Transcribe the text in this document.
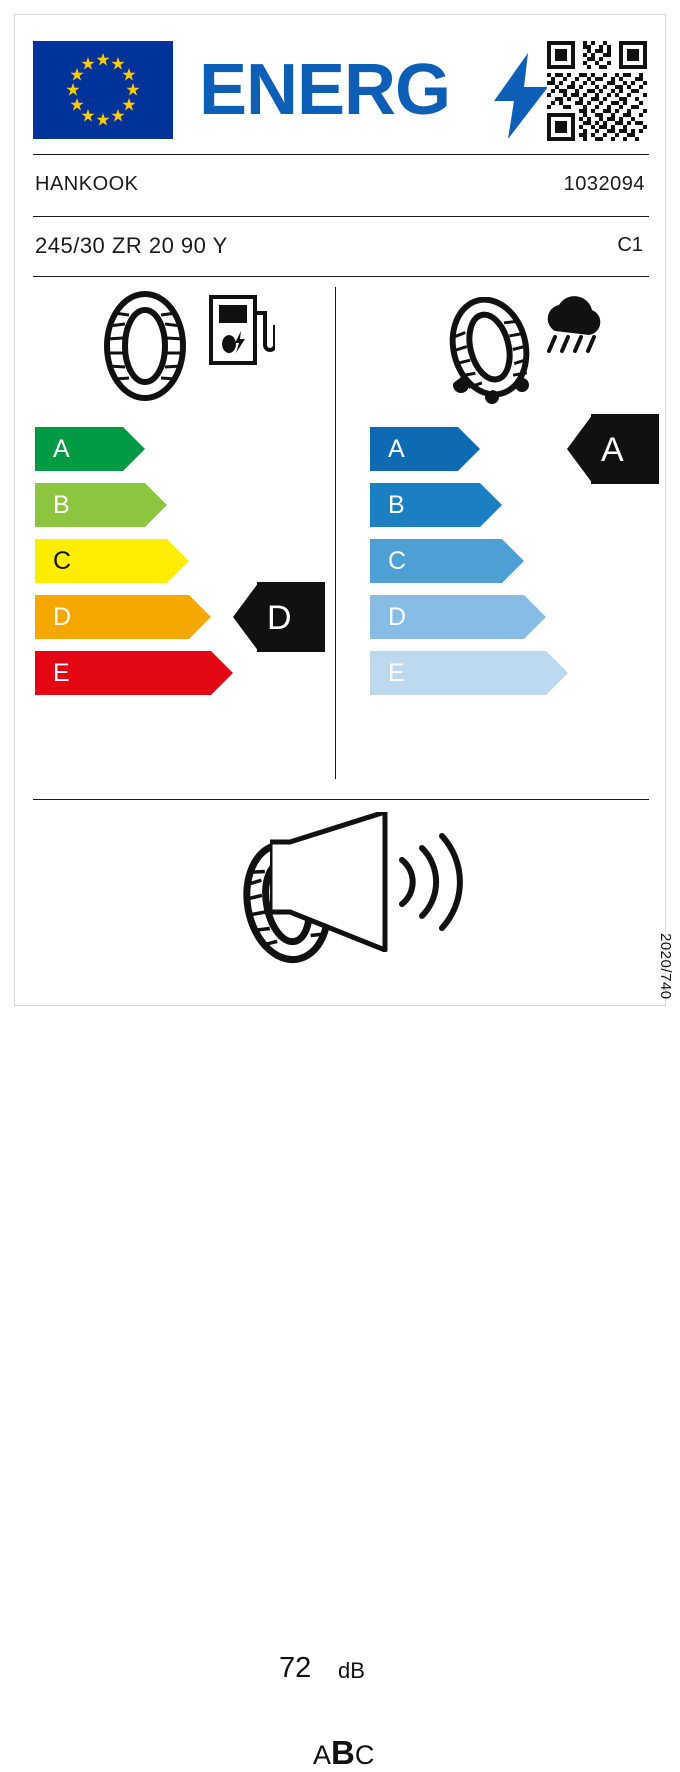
ENERG
HANKOOK	1032094
245/30 ZR 20 90 Y	C1
A
B
C
D
E
D
A
B
C
D
E
A
72 dB
ABC
2020/740
